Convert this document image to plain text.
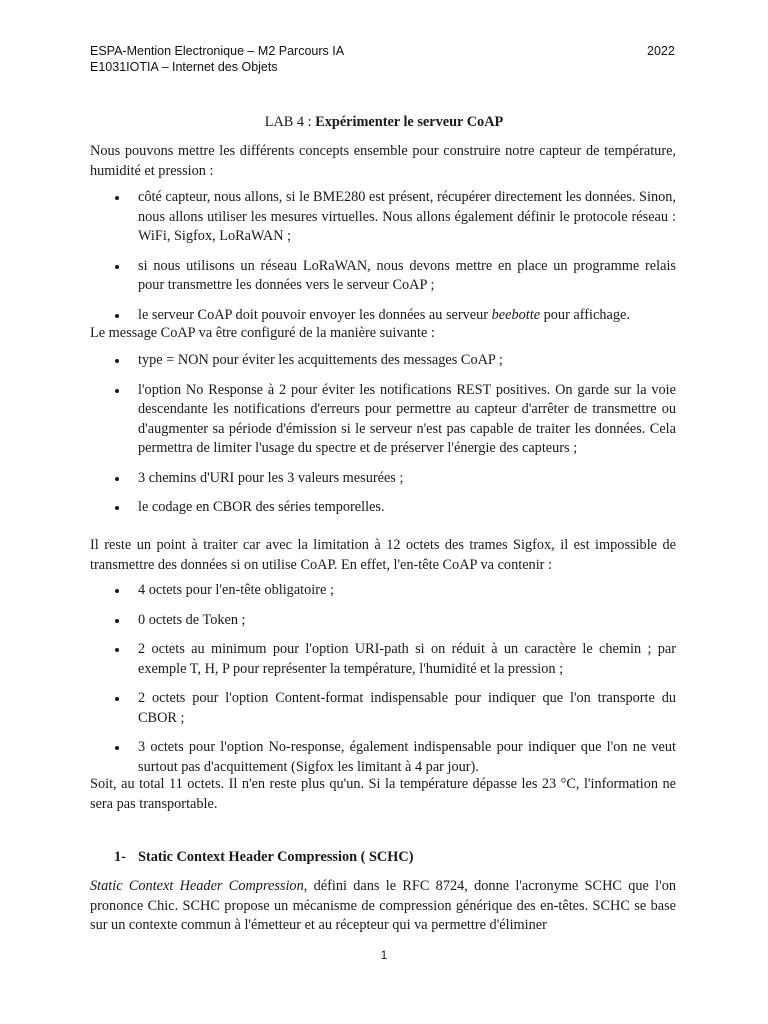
ESPA-Mention Electronique – M2 Parcours IA
E1031IOTIA – Internet des Objets
2022
LAB 4 : Expérimenter le serveur CoAP
Nous pouvons mettre les différents concepts ensemble pour construire notre capteur de température, humidité et pression :
côté capteur, nous allons, si le BME280 est présent, récupérer directement les données. Sinon, nous allons utiliser les mesures virtuelles. Nous allons également définir le protocole réseau : WiFi, Sigfox, LoRaWAN ;
si nous utilisons un réseau LoRaWAN, nous devons mettre en place un programme relais pour transmettre les données vers le serveur CoAP ;
le serveur CoAP doit pouvoir envoyer les données au serveur beebotte pour affichage.
Le message CoAP va être configuré de la manière suivante :
type = NON pour éviter les acquittements des messages CoAP ;
l'option No Response à 2 pour éviter les notifications REST positives. On garde sur la voie descendante les notifications d'erreurs pour permettre au capteur d'arrêter de transmettre ou d'augmenter sa période d'émission si le serveur n'est pas capable de traiter les données. Cela permettra de limiter l'usage du spectre et de préserver l'énergie des capteurs ;
3 chemins d'URI pour les 3 valeurs mesurées ;
le codage en CBOR des séries temporelles.
Il reste un point à traiter car avec la limitation à 12 octets des trames Sigfox, il est impossible de transmettre des données si on utilise CoAP. En effet, l'en-tête CoAP va contenir :
4 octets pour l'en-tête obligatoire ;
0 octets de Token ;
2 octets au minimum pour l'option URI-path si on réduit à un caractère le chemin ; par exemple T, H, P pour représenter la température, l'humidité et la pression ;
2 octets pour l'option Content-format indispensable pour indiquer que l'on transporte du CBOR ;
3 octets pour l'option No-response, également indispensable pour indiquer que l'on ne veut surtout pas d'acquittement (Sigfox les limitant à 4 par jour).
Soit, au total 11 octets. Il n'en reste plus qu'un. Si la température dépasse les 23 °C, l'information ne sera pas transportable.
1- Static Context Header Compression ( SCHC)
Static Context Header Compression, défini dans le RFC 8724, donne l'acronyme SCHC que l'on prononce Chic. SCHC propose un mécanisme de compression générique des en-têtes. SCHC se base sur un contexte commun à l'émetteur et au récepteur qui va permettre d'éliminer
1
